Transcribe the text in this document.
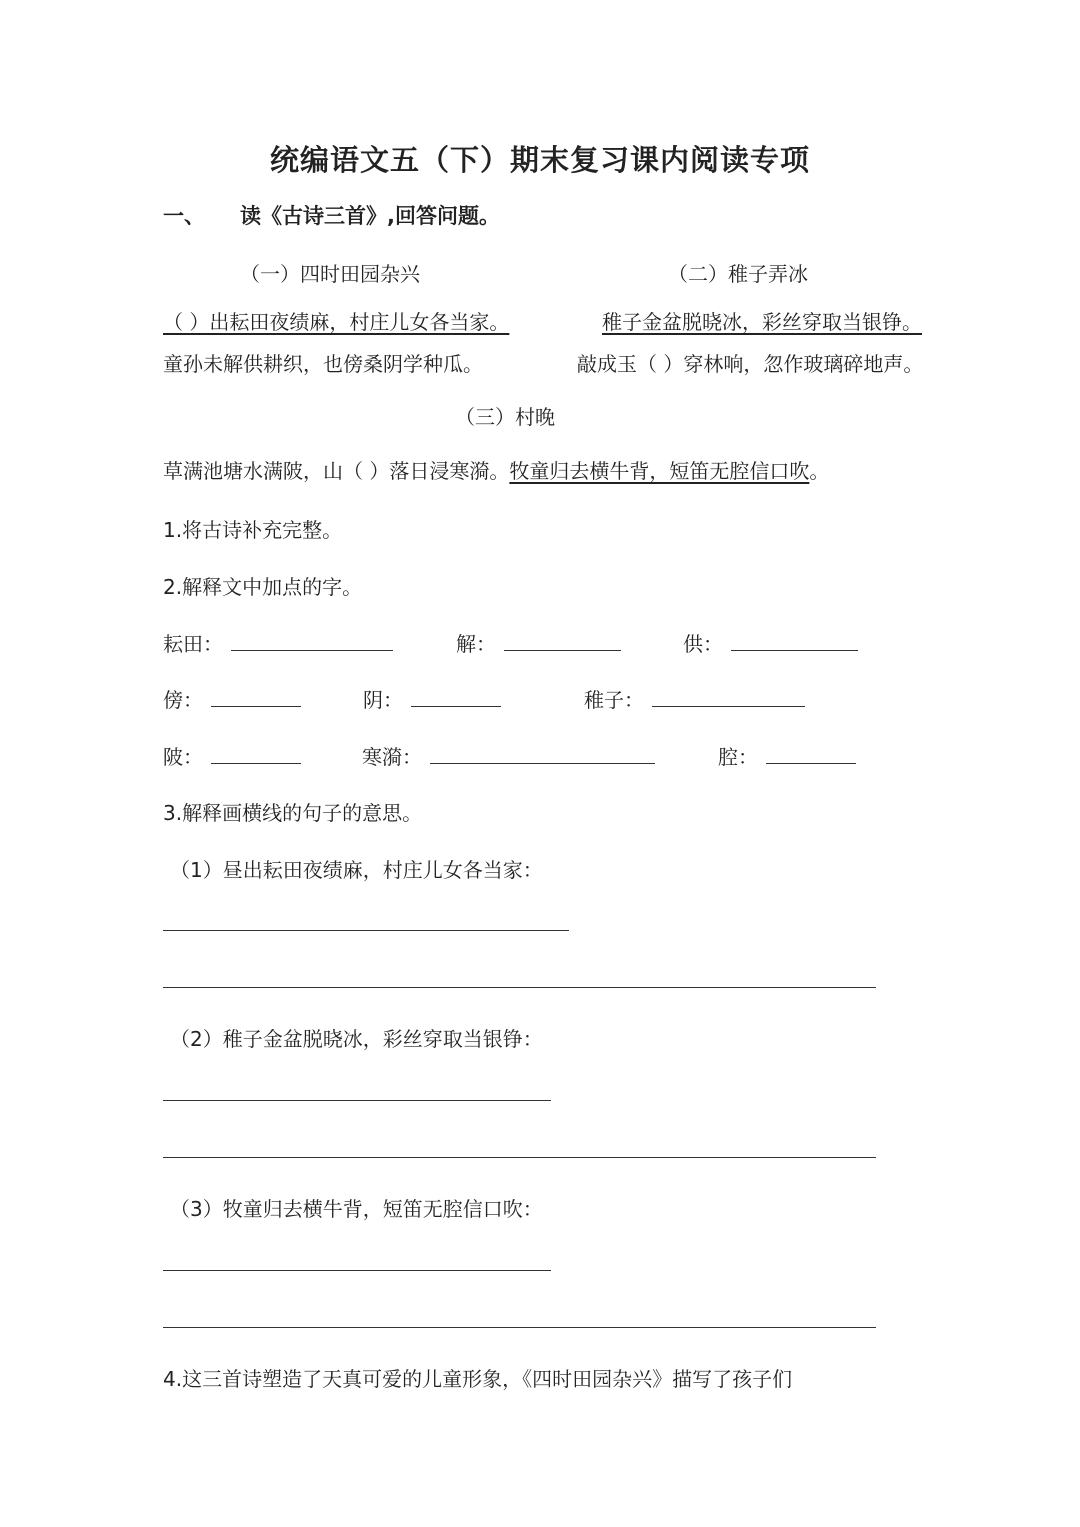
统编语文五（下）期末复习课内阅读专项
一、 读《古诗三首》,回答问题。
（一）四时田园杂兴	（二）稚子弄冰
（ ）出耘田夜绩麻，村庄儿女各当家。	稚子金盆脱晓冰，彩丝穿取当银铮。
童孙未解供耕织，也傍桑阴学种瓜。	敲成玉（ ）穿林响，忽作玻璃碎地声。
（三）村晚
草满池塘水满陂，山（ ）落日浸寒漪。牧童归去横牛背，短笛无腔信口吹。
1.将古诗补充完整。
2.解释文中加点的字。
耘田：	解：	供：
傍：	阴：	稚子：
陂：	寒漪：	腔：
3.解释画横线的句子的意思。
（1）昼出耘田夜绩麻，村庄儿女各当家：
（2）稚子金盆脱晓冰，彩丝穿取当银铮：
（3）牧童归去横牛背，短笛无腔信口吹：
4.这三首诗塑造了天真可爱的儿童形象，《四时田园杂兴》描写了孩子们
